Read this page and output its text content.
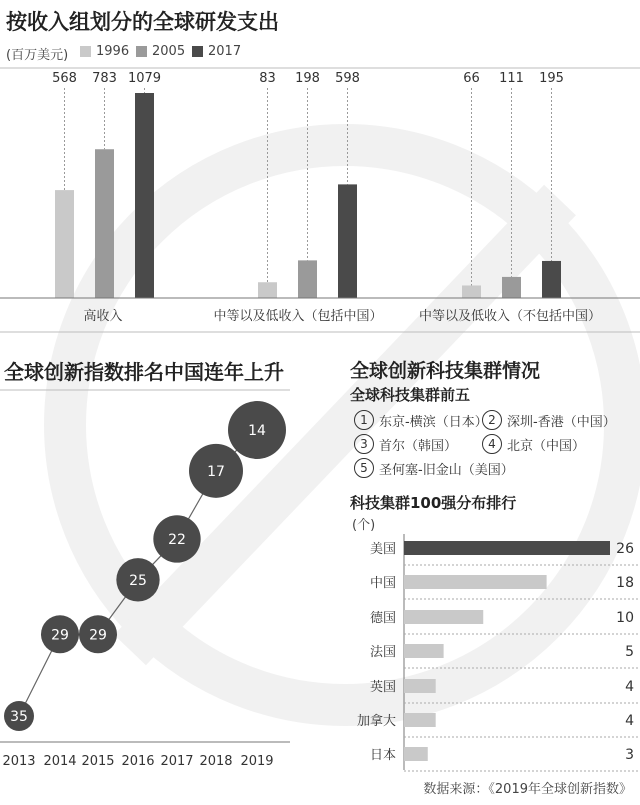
按收入组划分的全球研发支出
(百万美元) 1996 2005 2017
568 783 1079
高收入
83 198 598
中等以及低收入（包括中国）
66 111 195
中等以及低收入（不包括中国）
全球创新指数排名中国连年上升
35
29 29
25
22
17
14
2013 2014 2015 2016 2017 2018 2019
全球创新科技集群情况
全球科技集群前五
1 东京-横滨（日本） 2 深圳-香港（中国）
3 首尔（韩国）	4 北京（中国）
5 圣何塞-旧金山（美国）
科技集群100强分布排行
(个)
美国	26
中国	18
德国	10
法国	5
英国	4
加拿大	4
日本	3
数据来源：《2019年全球创新指数》
